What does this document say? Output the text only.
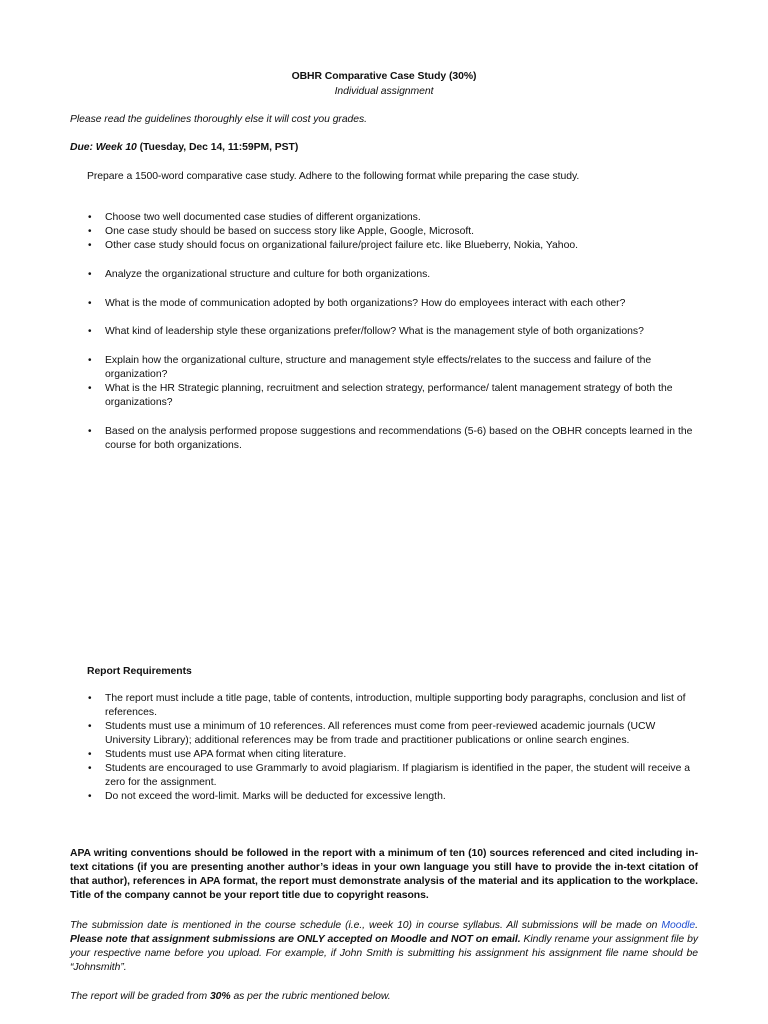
OBHR Comparative Case Study (30%)
Individual assignment
Please read the guidelines thoroughly else it will cost you grades.
Due: Week 10 (Tuesday, Dec 14, 11:59PM, PST)
Prepare a 1500-word comparative case study. Adhere to the following format while preparing the case study.
• Choose two well documented case studies of different organizations.
• One case study should be based on success story like Apple, Google, Microsoft.
• Other case study should focus on organizational failure/project failure etc. like Blueberry, Nokia, Yahoo.
• Analyze the organizational structure and culture for both organizations.
• What is the mode of communication adopted by both organizations? How do employees interact with each other?
• What kind of leadership style these organizations prefer/follow? What is the management style of both organizations?
• Explain how the organizational culture, structure and management style effects/relates to the success and failure of the organization?
• What is the HR Strategic planning, recruitment and selection strategy, performance/ talent management strategy of both the organizations?
• Based on the analysis performed propose suggestions and recommendations (5-6) based on the OBHR concepts learned in the course for both organizations.
Report Requirements
• The report must include a title page, table of contents, introduction, multiple supporting body paragraphs, conclusion and list of references.
• Students must use a minimum of 10 references. All references must come from peer-reviewed academic journals (UCW University Library); additional references may be from trade and practitioner publications or online search engines.
• Students must use APA format when citing literature.
• Students are encouraged to use Grammarly to avoid plagiarism. If plagiarism is identified in the paper, the student will receive a zero for the assignment.
• Do not exceed the word-limit. Marks will be deducted for excessive length.
APA writing conventions should be followed in the report with a minimum of ten (10) sources referenced and cited including in-text citations (if you are presenting another author’s ideas in your own language you still have to provide the in-text citation of that author), references in APA format, the report must demonstrate analysis of the material and its application to the workplace. Title of the company cannot be your report title due to copyright reasons.
The submission date is mentioned in the course schedule (i.e., week 10) in course syllabus. All submissions will be made on Moodle. Please note that assignment submissions are ONLY accepted on Moodle and NOT on email. Kindly rename your assignment file by your respective name before you upload. For example, if John Smith is submitting his assignment his assignment file name should be “Johnsmith”.
The report will be graded from 30% as per the rubric mentioned below.
